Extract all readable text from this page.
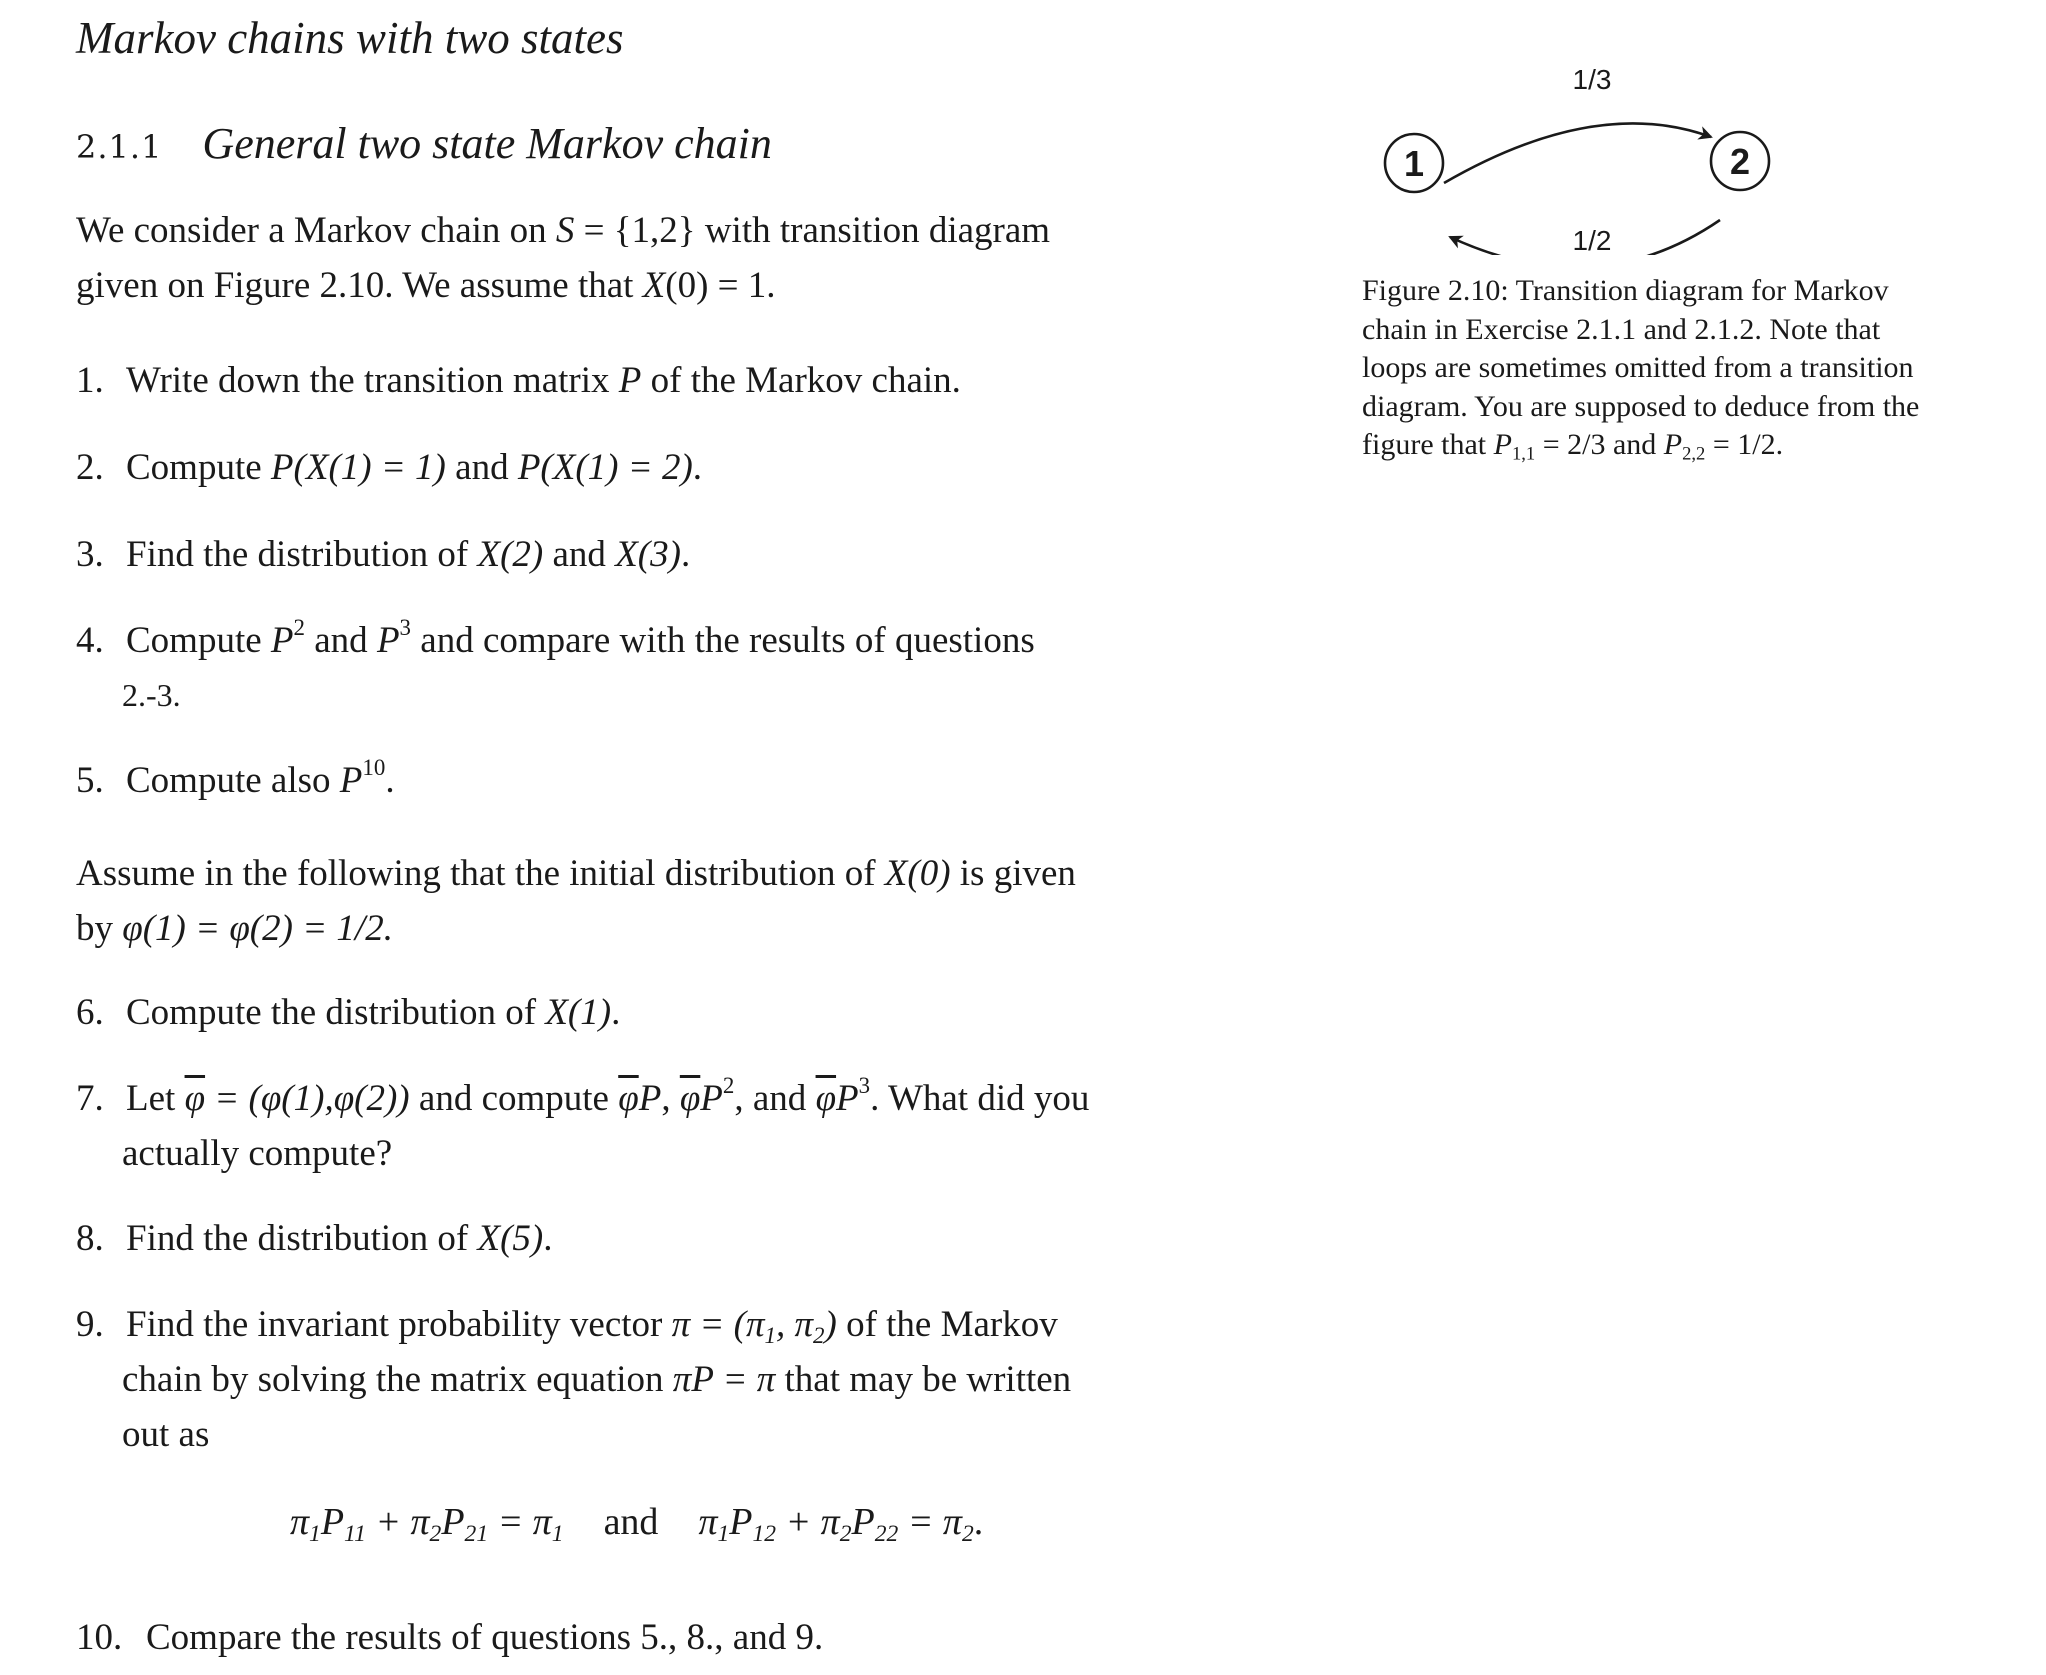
Markov chains with two states
2.1.1 General two state Markov chain
We consider a Markov chain on S = {1,2} with transition diagram
given on Figure 2.10. We assume that X(0) = 1.
1. Write down the transition matrix P of the Markov chain.
2. Compute P(X(1) = 1) and P(X(1) = 2).
3. Find the distribution of X(2) and X(3).
4. Compute $P^2$ and $P^3$ and compare with the results of questions
2.-3.
5. Compute also $P^{10}$.
Assume in the following that the initial distribution of X(0) is given
by φ(1) = φ(2) = 1/2.
6. Compute the distribution of X(1).
7. Let $\overline{\varphi} = (\varphi(1),\varphi(2))$ and compute $\overline{\varphi}P$, $\overline{\varphi}P^2$, and $\overline{\varphi}P^3$. What did you
actually compute?
8. Find the distribution of X(5).
9. Find the invariant probability vector $\pi = (\pi_1$, $\pi_2$) of the Markov
chain by solving the matrix equation πP = π that may be written
out as
$\pi_1P_{11} + \pi_2P_{21} = \pi_1$ and $\pi_1P_{12} + \pi_2P_{22} = \pi_2$.
10. Compare the results of questions 5., 8., and 9.
1	2
1/3
1/2
Figure 2.10: Transition diagram for Markov chain in Exercise 2.1.1 and 2.1.2. Note that loops are sometimes omitted from a transition diagram. You are supposed to deduce from the figure that $P_{1,1} = 2/3$ and $P_{2,2} = 1/2$.
